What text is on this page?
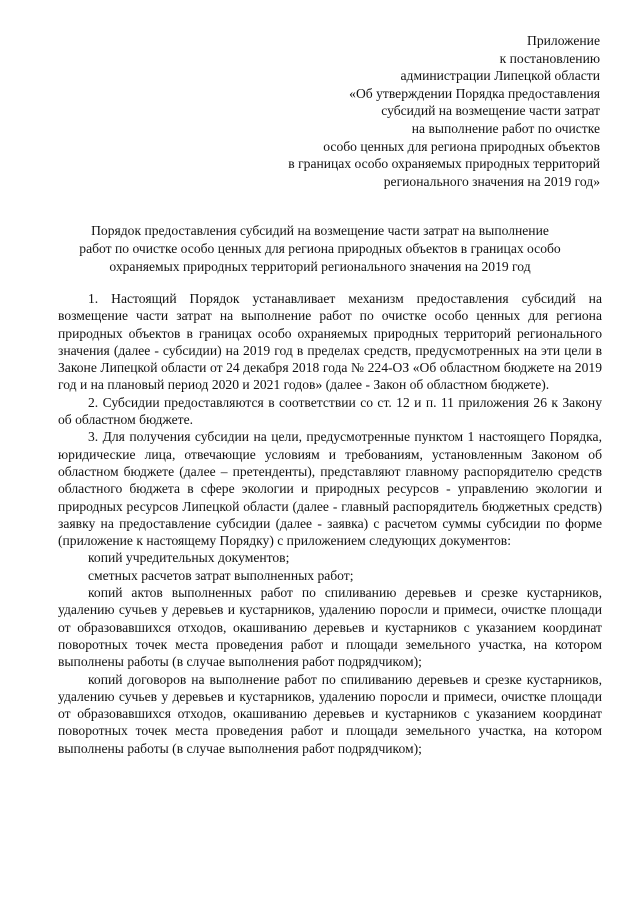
Приложение
к постановлению
администрации Липецкой области
«Об утверждении Порядка предоставления
субсидий на возмещение части затрат
на выполнение работ по очистке
особо ценных для региона природных объектов
в границах особо охраняемых природных территорий
регионального значения на 2019 год»
Порядок предоставления субсидий на возмещение части затрат на выполнение
работ по очистке особо ценных для региона природных объектов в границах особо
охраняемых природных территорий регионального значения на 2019 год

1. Настоящий Порядок устанавливает механизм предоставления субсидий на возмещение части затрат на выполнение работ по очистке особо ценных для региона природных объектов в границах особо охраняемых природных территорий регионального значения (далее - субсидии) на 2019 год в пределах средств, предусмотренных на эти цели в Законе Липецкой области от 24 декабря 2018 года № 224-ОЗ «Об областном бюджете на 2019 год и на плановый период 2020 и 2021 годов» (далее - Закон об областном бюджете).

2. Субсидии предоставляются в соответствии со ст. 12 и п. 11 приложения 26 к Закону об областном бюджете.

3. Для получения субсидии на цели, предусмотренные пунктом 1 настоящего Порядка, юридические лица, отвечающие условиям и требованиям, установленным Законом об областном бюджете (далее – претенденты), представляют главному распорядителю средств областного бюджета в сфере экологии и природных ресурсов - управлению экологии и природных ресурсов Липецкой области (далее - главный распорядитель бюджетных средств) заявку на предоставление субсидии (далее - заявка) с расчетом суммы субсидии по форме (приложение к настоящему Порядку) с приложением следующих документов:

копий учредительных документов;

сметных расчетов затрат выполненных работ;

копий актов выполненных работ по спиливанию деревьев и срезке кустарников, удалению сучьев у деревьев и кустарников, удалению поросли и примеси, очистке площади от образовавшихся отходов, окашиванию деревьев и кустарников с указанием координат поворотных точек места проведения работ и площади земельного участка, на котором выполнены работы (в случае выполнения работ подрядчиком);

копий договоров на выполнение работ по спиливанию деревьев и срезке кустарников, удалению сучьев у деревьев и кустарников, удалению поросли и примеси, очистке площади от образовавшихся отходов, окашиванию деревьев и кустарников с указанием координат поворотных точек места проведения работ и площади земельного участка, на котором выполнены работы (в случае выполнения работ подрядчиком);
